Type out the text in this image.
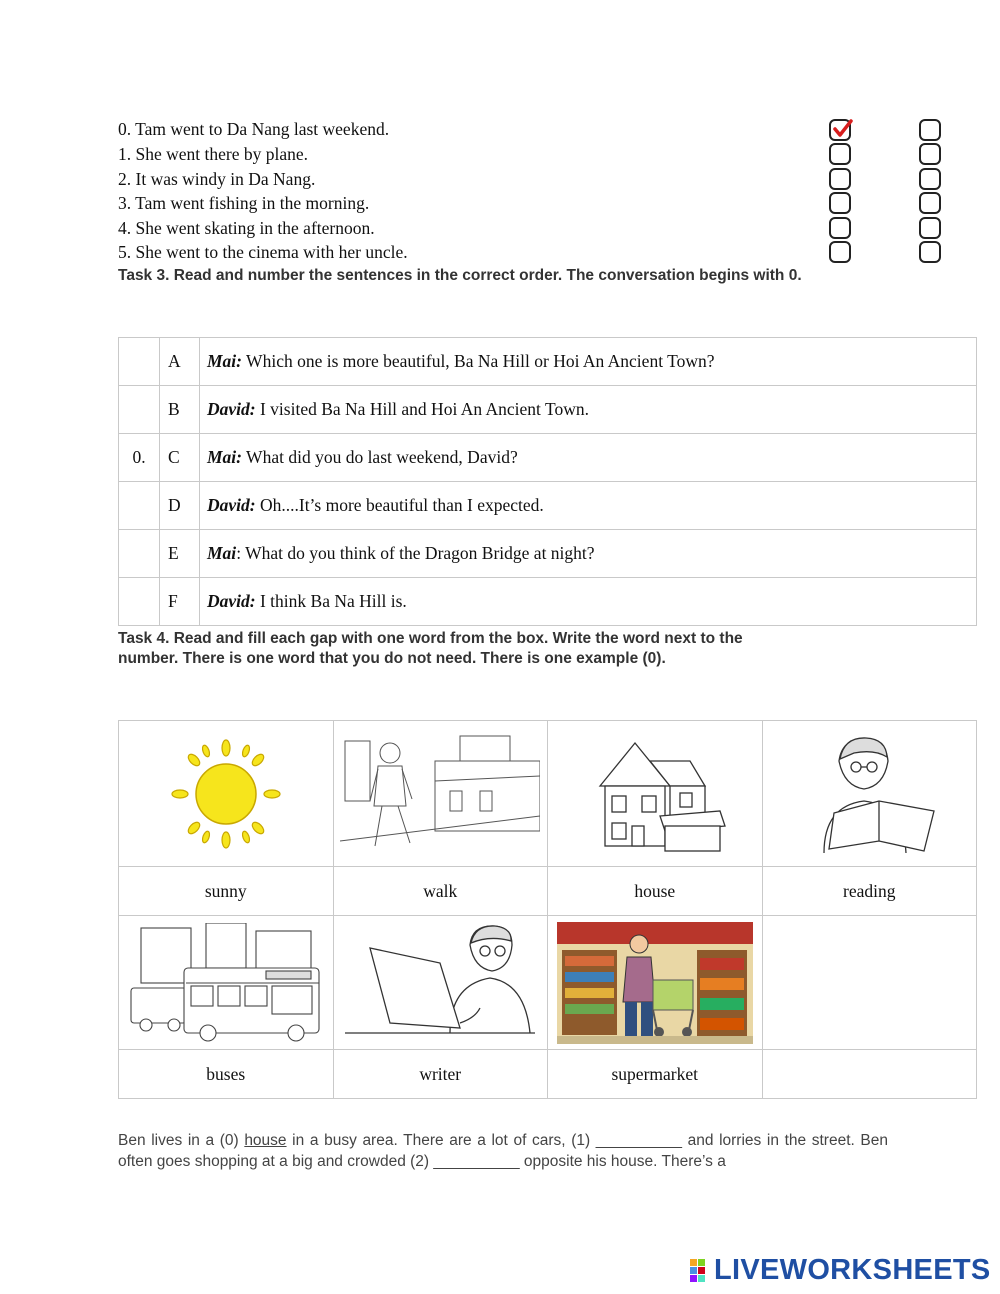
0. Tam went to Da Nang last weekend.
1. She went there by plane.
2. It was windy in Da Nang.
3. Tam went fishing in the morning.
4. She went skating in the afternoon.
5. She went to the cinema with her uncle.
Task 3. Read and number the sentences in the correct order. The conversation begins with 0.
	A	Mai: Which one is more beautiful, Ba Na Hill or Hoi An Ancient Town?
	B	David: I visited Ba Na Hill and Hoi An Ancient Town.
0.	C	Mai: What did you do last weekend, David?
	D	David: Oh....It’s more beautiful than I expected.
	E	Mai: What do you think of the Dragon Bridge at night?
	F	David: I think Ba Na Hill is.
Task 4. Read and fill each gap with one word from the box. Write the word next to the
number. There is one word that you do not need. There is one example (0).

sunny	walk	house	reading

buses	writer	supermarket	
Ben lives in a (0) house in a busy area. There are a lot of cars, (1) __________ and lorries in the street. Ben often goes shopping at a big and crowded (2) __________ opposite his house. There’s a
LIVEWORKSHEETS
